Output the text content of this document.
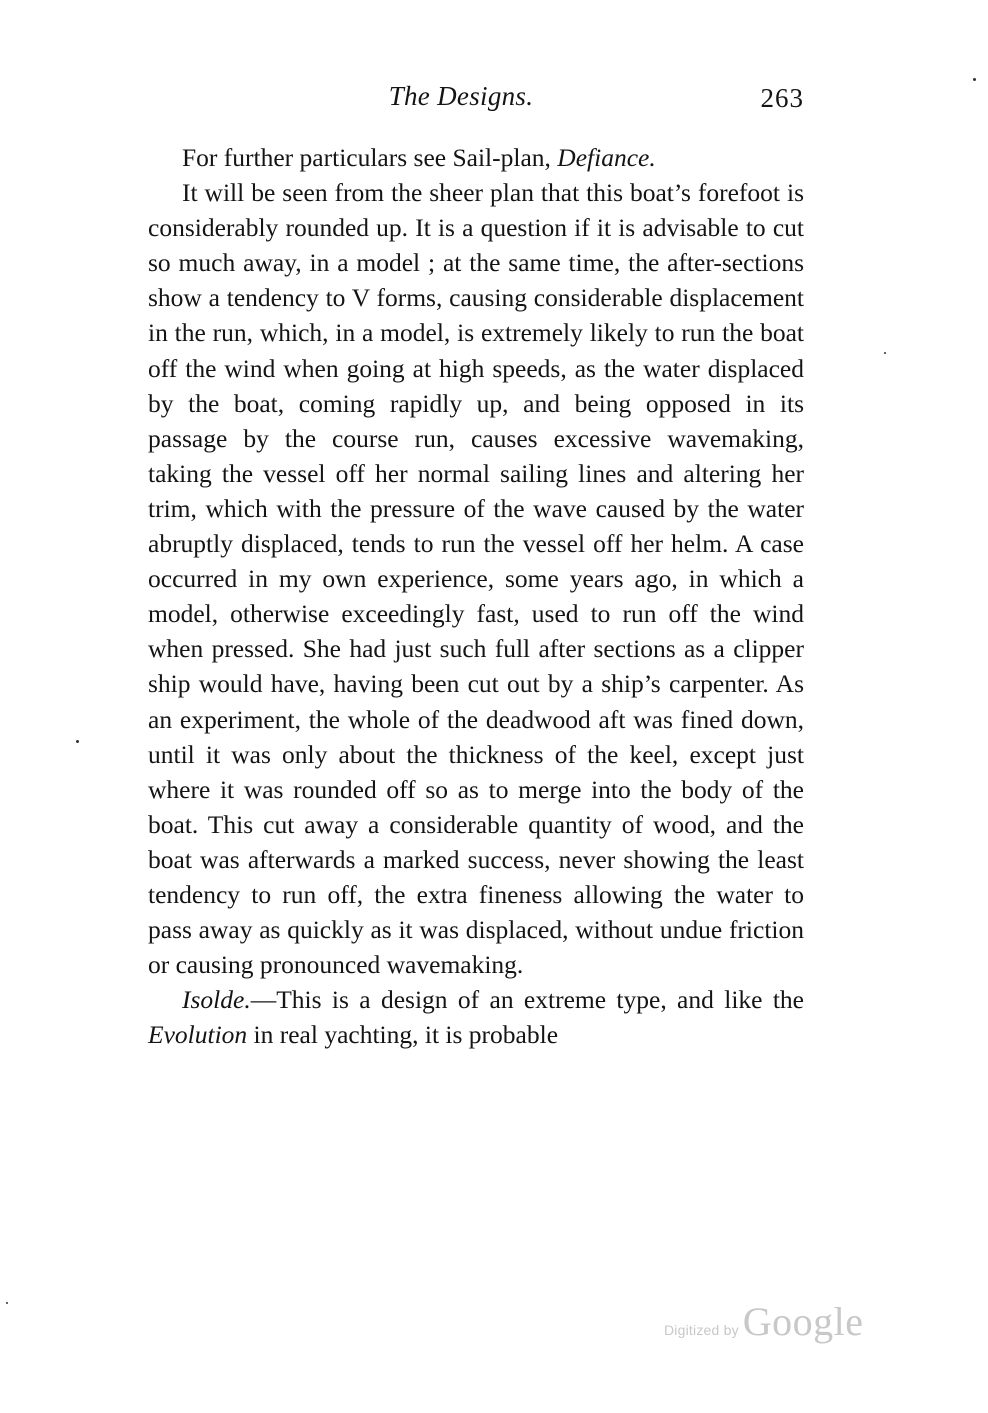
The Designs.	263

For further particulars see Sail-plan, Defiance.

It will be seen from the sheer plan that this boat’s forefoot is considerably rounded up. It is a question if it is advisable to cut so much away, in a model ; at the same time, the after-sections show a tendency to V forms, causing considerable displacement in the run, which, in a model, is extremely likely to run the boat off the wind when going at high speeds, as the water displaced by the boat, coming rapidly up, and being opposed in its passage by the course run, causes excessive wavemaking, taking the vessel off her normal sailing lines and altering her trim, which with the pressure of the wave caused by the water abruptly displaced, tends to run the vessel off her helm. A case occurred in my own experience, some years ago, in which a model, otherwise exceedingly fast, used to run off the wind when pressed. She had just such full after sections as a clipper ship would have, having been cut out by a ship’s carpenter. As an experiment, the whole of the deadwood aft was fined down, until it was only about the thickness of the keel, except just where it was rounded off so as to merge into the body of the boat. This cut away a considerable quantity of wood, and the boat was afterwards a marked success, never showing the least tendency to run off, the extra fineness allowing the water to pass away as quickly as it was displaced, without undue friction or causing pronounced wavemaking.

Isolde.—This is a design of an extreme type, and like the Evolution in real yachting, it is probable

Digitized by Google
